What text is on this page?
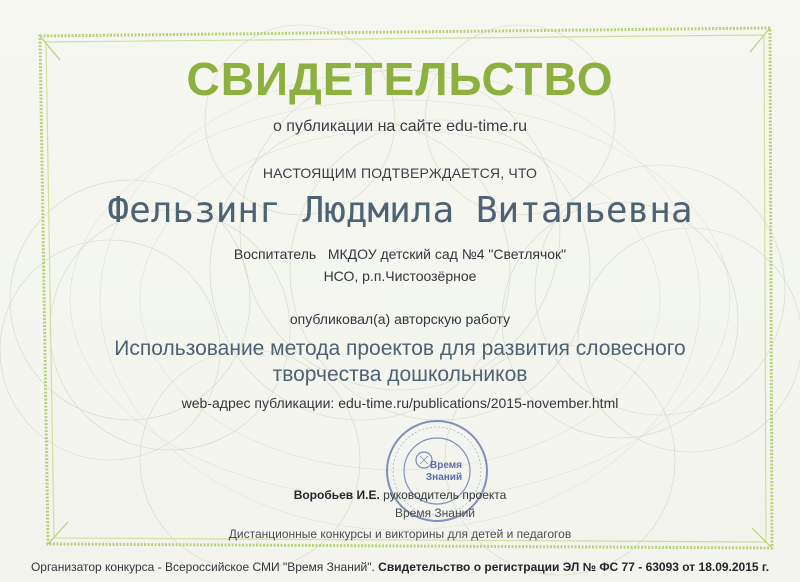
СВИДЕТЕЛЬСТВО
о публикации на сайте edu-time.ru
НАСТОЯЩИМ ПОДТВЕРЖДАЕТСЯ, ЧТО
Фельзинг Людмила Витальевна
Воспитатель   МКДОУ детский сад №4 "Светлячок"
НСО, р.п.Чистоозёрное
опубликовал(а) авторскую работу
Использование метода проектов для развития словесного
творчества дошкольников
web-адрес публикации: edu-time.ru/publications/2015-november.html
Время
Знаний
Воробьев И.Е. руководитель проекта
Время Знаний
Дистанционные конкурсы и викторины для детей и педагогов
Организатор конкурса - Всероссийское СМИ "Время Знаний". Свидетельство о регистрации ЭЛ № ФС 77 - 63093 от 18.09.2015 г.
